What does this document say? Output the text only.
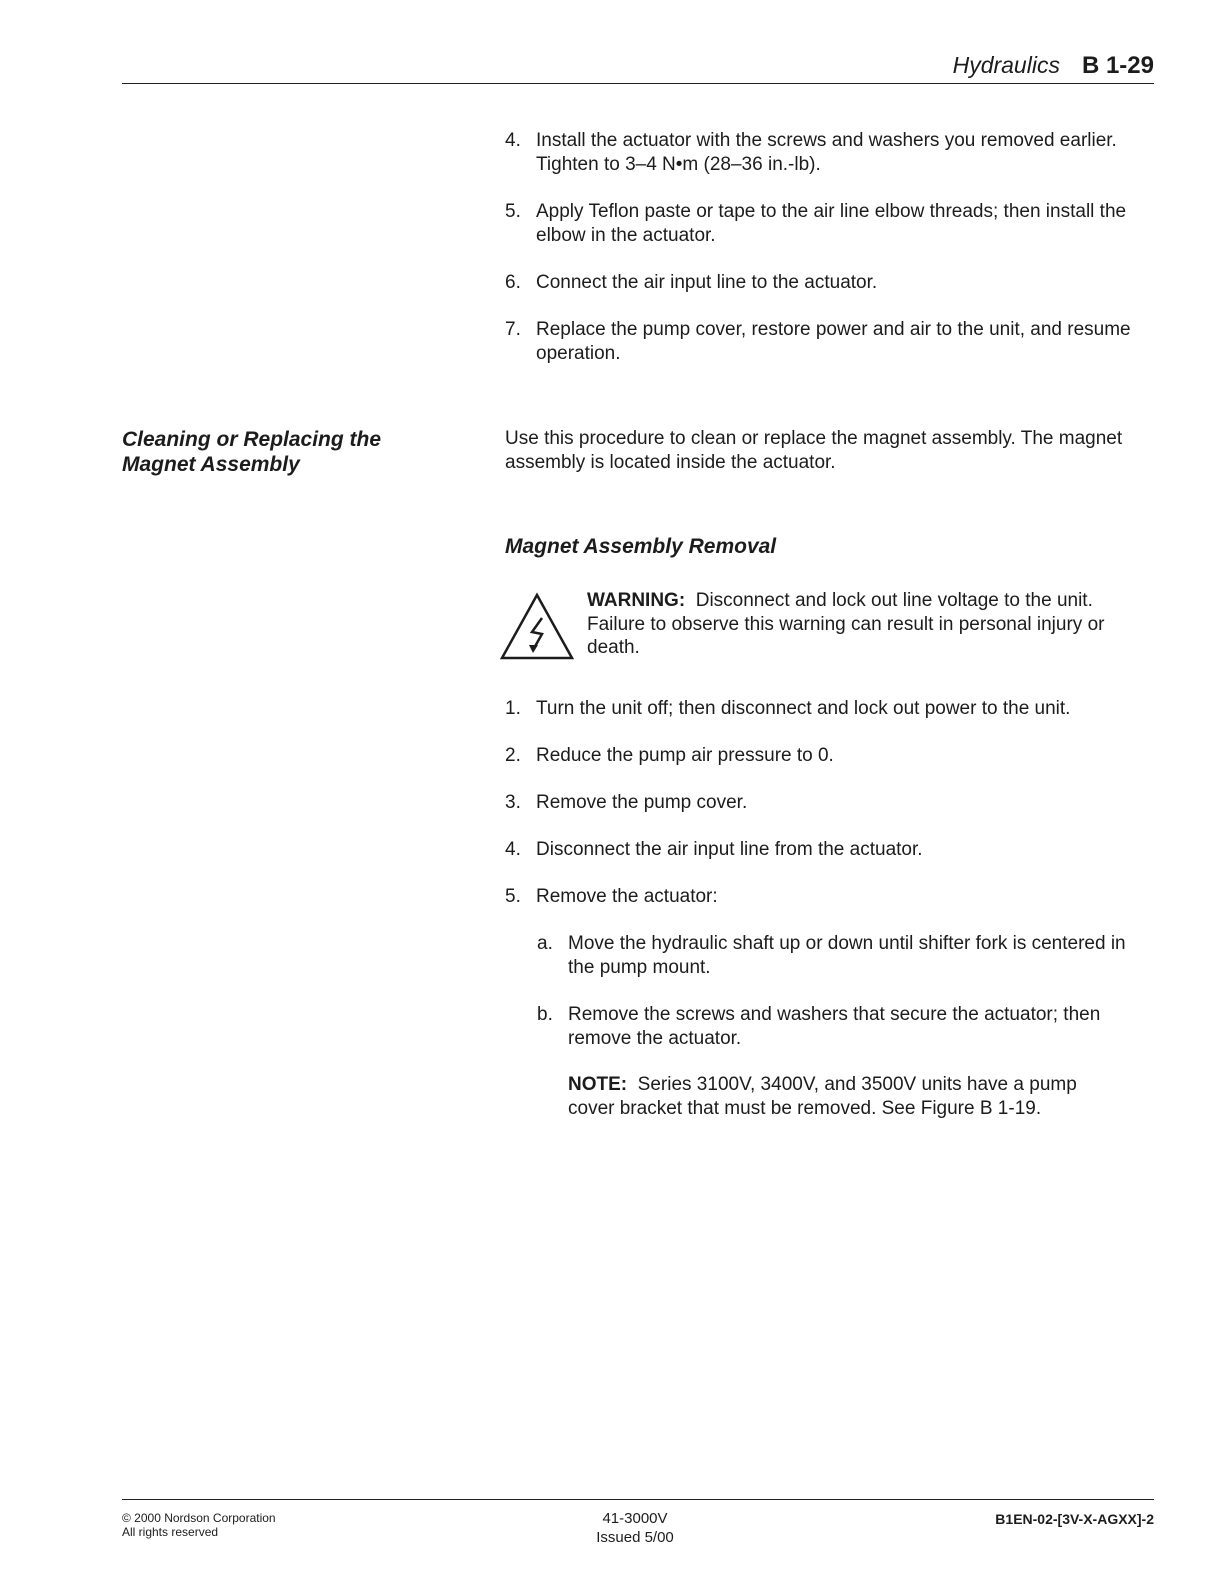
Hydraulics B 1-29
4. Install the actuator with the screws and washers you removed earlier. Tighten to 3–4 N•m (28–36 in.-lb).
5. Apply Teflon paste or tape to the air line elbow threads; then install the elbow in the actuator.
6. Connect the air input line to the actuator.
7. Replace the pump cover, restore power and air to the unit, and resume operation.
Cleaning or Replacing the
Magnet Assembly
Use this procedure to clean or replace the magnet assembly. The magnet assembly is located inside the actuator.
Magnet Assembly Removal
WARNING: Disconnect and lock out line voltage to the unit. Failure to observe this warning can result in personal injury or death.
1. Turn the unit off; then disconnect and lock out power to the unit.
2. Reduce the pump air pressure to 0.
3. Remove the pump cover.
4. Disconnect the air input line from the actuator.
5. Remove the actuator:
a. Move the hydraulic shaft up or down until shifter fork is centered in the pump mount.
b. Remove the screws and washers that secure the actuator; then remove the actuator.
NOTE: Series 3100V, 3400V, and 3500V units have a pump cover bracket that must be removed. See Figure B 1-19.
© 2000 Nordson Corporation
All rights reserved
41-3000V
Issued 5/00
B1EN-02-[3V-X-AGXX]-2
